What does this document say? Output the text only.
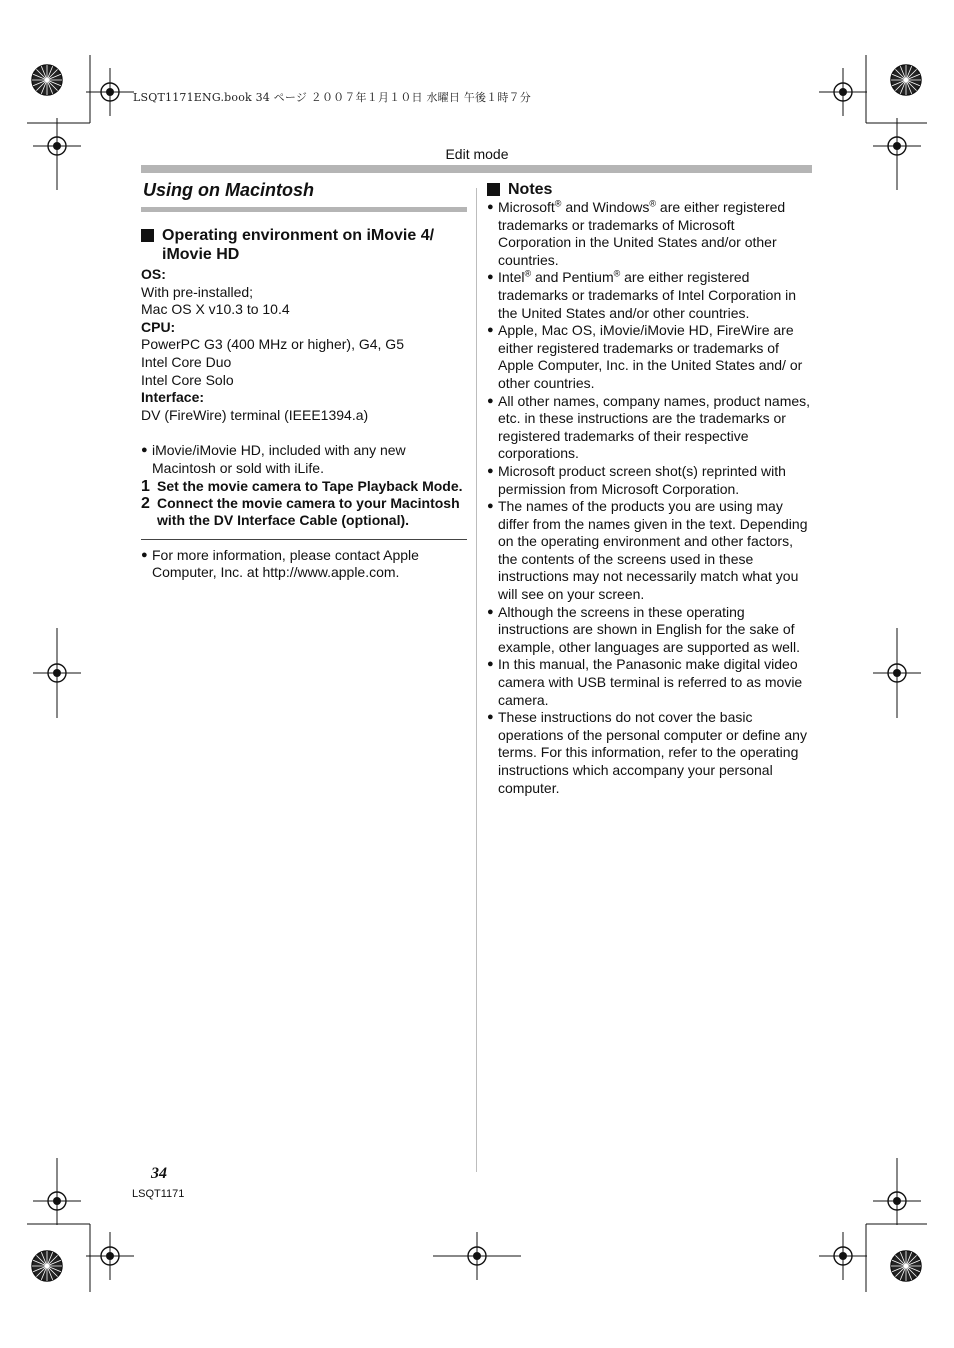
LSQT1171ENG.book 34 ページ ２００７年１月１０日 水曜日 午後１時７分
Edit mode
Using on Macintosh
Operating environment on iMovie 4/ iMovie HD

OS:

With pre-installed;

Mac OS X v10.3 to 10.4

CPU:

PowerPC G3 (400 MHz or higher), G4, G5

Intel Core Duo

Intel Core Solo

Interface:

DV (FireWire) terminal (IEEE1394.a)

● iMovie/iMovie HD, included with any new Macintosh or sold with iLife.
1 Set the movie camera to Tape Playback Mode.
2 Connect the movie camera to your Macintosh with the DV Interface Cable (optional).
● For more information, please contact Apple Computer, Inc. at http://www.apple.com.
Notes
● Microsoft® and Windows® are either registered trademarks or trademarks of Microsoft Corporation in the United States and/or other countries.
● Intel® and Pentium® are either registered trademarks or trademarks of Intel Corporation in the United States and/or other countries.
● Apple, Mac OS, iMovie/iMovie HD, FireWire are either registered trademarks or trademarks of Apple Computer, Inc. in the United States and/ or other countries.
● All other names, company names, product names, etc. in these instructions are the trademarks or registered trademarks of their respective corporations.
● Microsoft product screen shot(s) reprinted with permission from Microsoft Corporation.
● The names of the products you are using may differ from the names given in the text. Depending on the operating environment and other factors, the contents of the screens used in these instructions may not necessarily match what you will see on your screen.
● Although the screens in these operating instructions are shown in English for the sake of example, other languages are supported as well.
● In this manual, the Panasonic make digital video camera with USB terminal is referred to as movie camera.
● These instructions do not cover the basic operations of the personal computer or define any terms. For this information, refer to the operating instructions which accompany your personal computer.
34
LSQT1171
